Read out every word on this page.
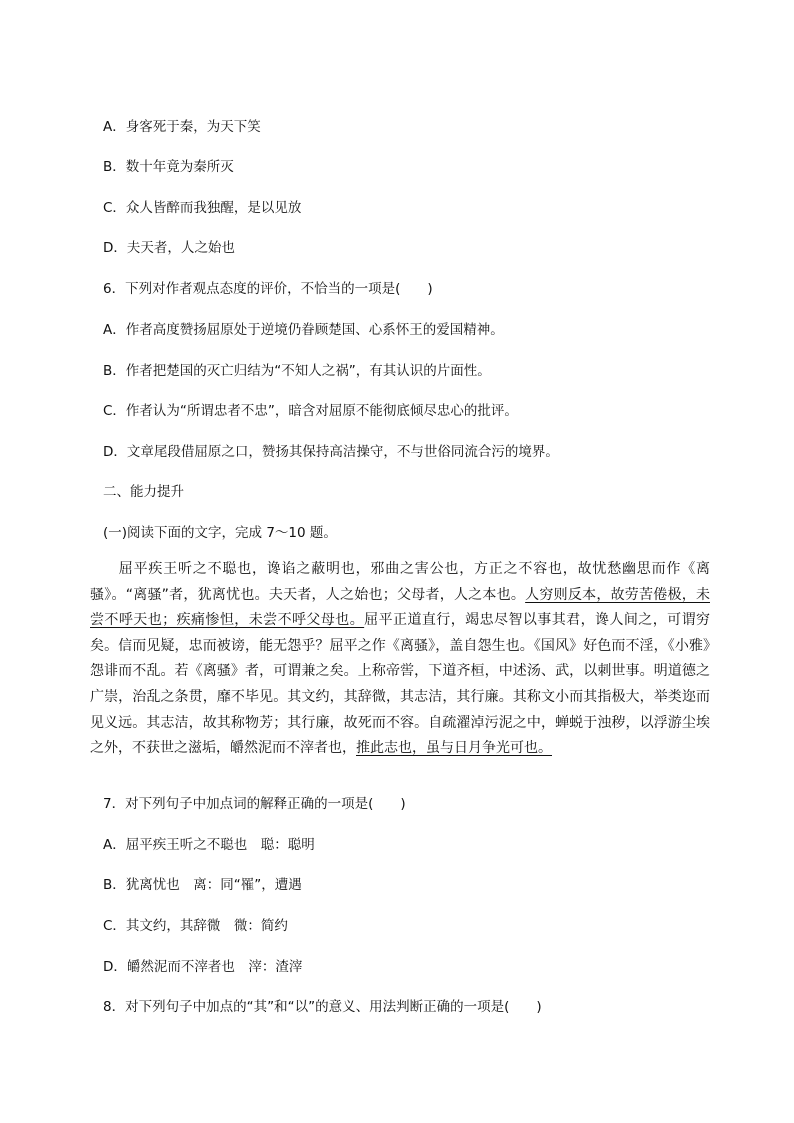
A．身客死于秦，为天下笑
B．数十年竟为秦所灭
C．众人皆醉而我独醒，是以见放
D．夫天者，人之始也
6．下列对作者观点态度的评价，不恰当的一项是(　　)
A．作者高度赞扬屈原处于逆境仍眷顾楚国、心系怀王的爱国精神。
B．作者把楚国的灭亡归结为“不知人之祸”，有其认识的片面性。
C．作者认为“所谓忠者不忠”，暗含对屈原不能彻底倾尽忠心的批评。
D．文章尾段借屈原之口，赞扬其保持高洁操守，不与世俗同流合污的境界。
二、能力提升
(一)阅读下面的文字，完成 7～10 题。
屈平疾王听之不聪也，谗谄之蔽明也，邪曲之害公也，方正之不容也，故忧愁幽思而作《离骚》。“离骚”者，犹离忧也。夫天者，人之始也；父母者，人之本也。人穷则反本，故劳苦倦极，未尝不呼天也；疾痛惨怛，未尝不呼父母也。屈平正道直行，竭忠尽智以事其君，谗人间之，可谓穷矣。信而见疑，忠而被谤，能无怨乎？屈平之作《离骚》，盖自怨生也。《国风》好色而不淫，《小雅》怨诽而不乱。若《离骚》者，可谓兼之矣。上称帝喾，下道齐桓，中述汤、武，以刺世事。明道德之广崇，治乱之条贯，靡不毕见。其文约，其辞微，其志洁，其行廉。其称文小而其指极大，举类迩而见义远。其志洁，故其称物芳；其行廉，故死而不容。自疏濯淖污泥之中，蝉蜕于浊秽，以浮游尘埃之外，不获世之滋垢，皭然泥而不滓者也，推此志也，虽与日月争光可也。
7．对下列句子中加点词的解释正确的一项是(　　)
A．屈平疾王听之不聪也　聪：聪明
B．犹离忧也　离：同“罹”，遭遇
C．其文约，其辞微　微：简约
D．皭然泥而不滓者也　滓：渣滓
8．对下列句子中加点的“其”和“以”的意义、用法判断正确的一项是(　　)
